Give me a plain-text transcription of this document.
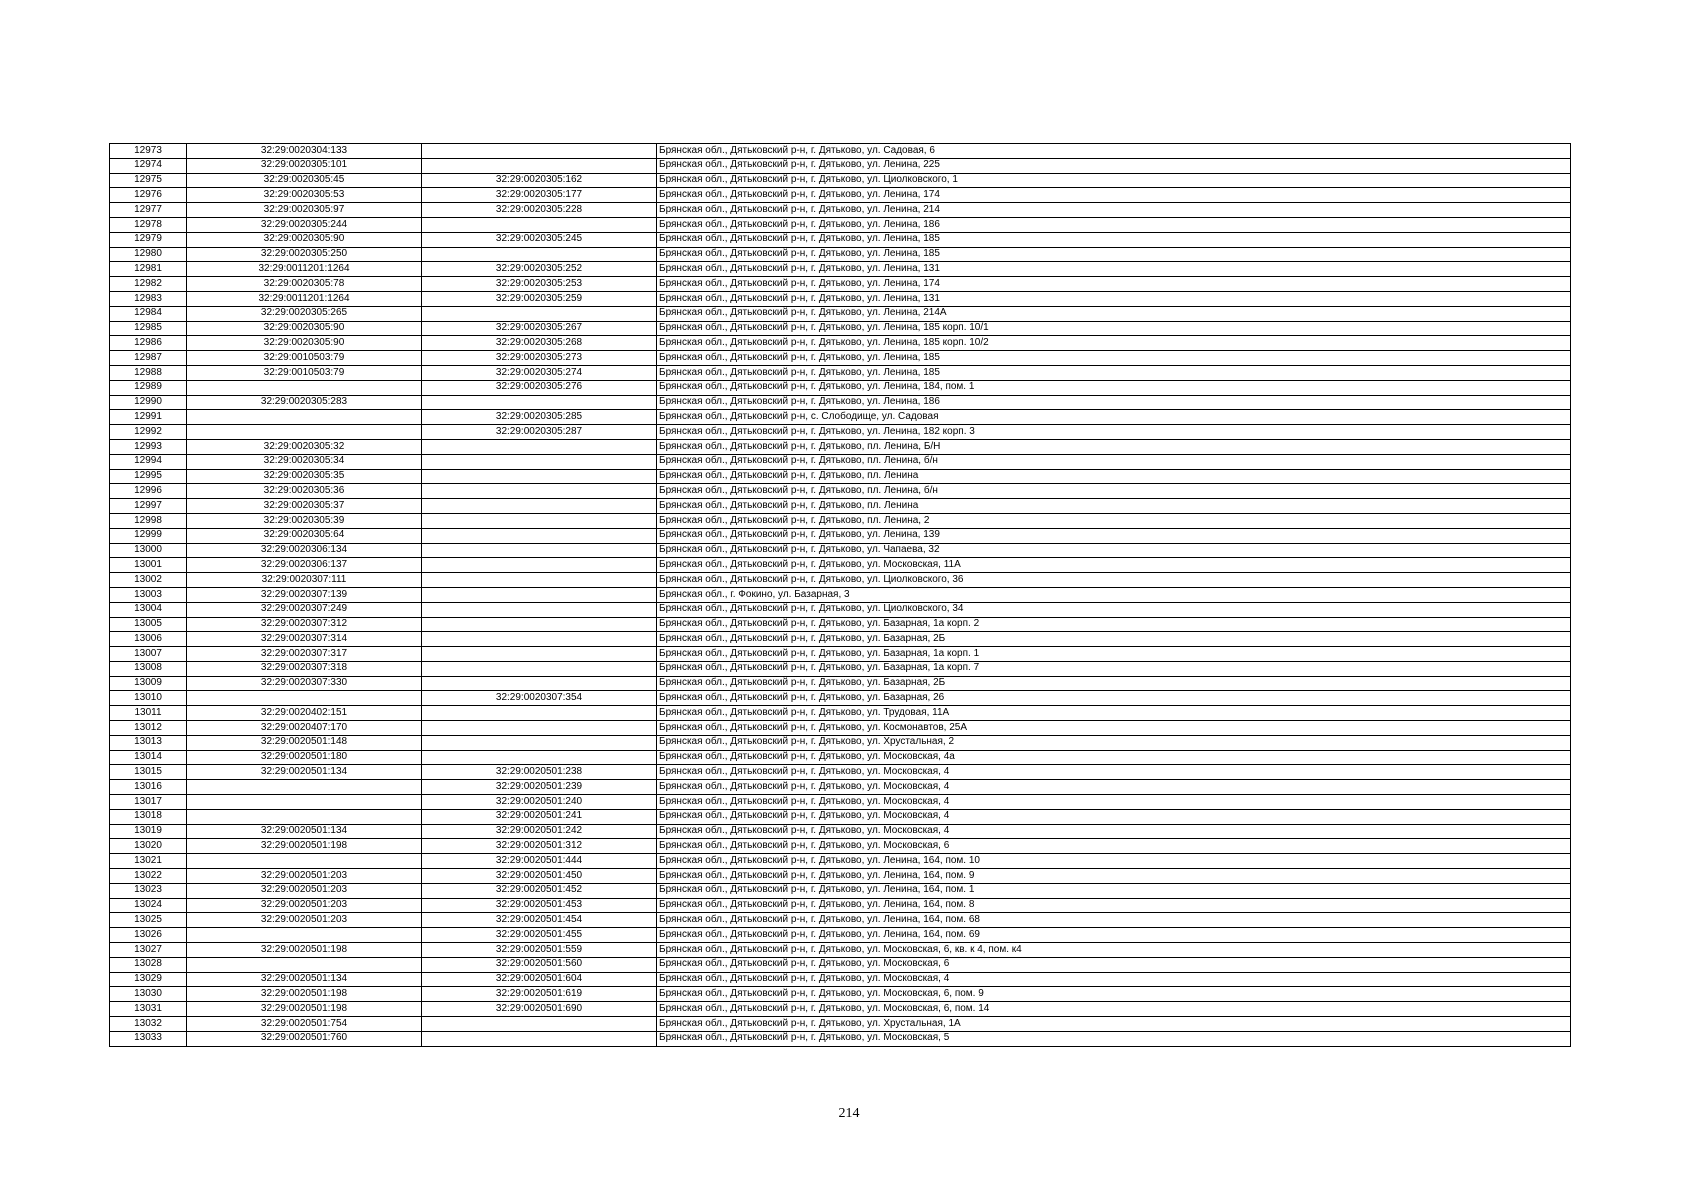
12973	32:29:0020304:133		Брянская обл., Дятьковский р-н, г. Дятьково, ул. Садовая, 6
12974	32:29:0020305:101		Брянская обл., Дятьковский р-н, г. Дятьково, ул. Ленина, 225
12975	32:29:0020305:45	32:29:0020305:162	Брянская обл., Дятьковский р-н, г. Дятьково, ул. Циолковского, 1
12976	32:29:0020305:53	32:29:0020305:177	Брянская обл., Дятьковский р-н, г. Дятьково, ул. Ленина, 174
12977	32:29:0020305:97	32:29:0020305:228	Брянская обл., Дятьковский р-н, г. Дятьково, ул. Ленина, 214
12978	32:29:0020305:244		Брянская обл., Дятьковский р-н, г. Дятьково, ул. Ленина, 186
12979	32:29:0020305:90	32:29:0020305:245	Брянская обл., Дятьковский р-н, г. Дятьково, ул. Ленина, 185
12980	32:29:0020305:250		Брянская обл., Дятьковский р-н, г. Дятьково, ул. Ленина, 185
12981	32:29:0011201:1264	32:29:0020305:252	Брянская обл., Дятьковский р-н, г. Дятьково, ул. Ленина, 131
12982	32:29:0020305:78	32:29:0020305:253	Брянская обл., Дятьковский р-н, г. Дятьково, ул. Ленина, 174
12983	32:29:0011201:1264	32:29:0020305:259	Брянская обл., Дятьковский р-н, г. Дятьково, ул. Ленина, 131
12984	32:29:0020305:265		Брянская обл., Дятьковский р-н, г. Дятьково, ул. Ленина, 214А
12985	32:29:0020305:90	32:29:0020305:267	Брянская обл., Дятьковский р-н, г. Дятьково, ул. Ленина, 185 корп. 10/1
12986	32:29:0020305:90	32:29:0020305:268	Брянская обл., Дятьковский р-н, г. Дятьково, ул. Ленина, 185 корп. 10/2
12987	32:29:0010503:79	32:29:0020305:273	Брянская обл., Дятьковский р-н, г. Дятьково, ул. Ленина, 185
12988	32:29:0010503:79	32:29:0020305:274	Брянская обл., Дятьковский р-н, г. Дятьково, ул. Ленина, 185
12989		32:29:0020305:276	Брянская обл., Дятьковский р-н, г. Дятьково, ул. Ленина, 184, пом. 1
12990	32:29:0020305:283		Брянская обл., Дятьковский р-н, г. Дятьково, ул. Ленина, 186
12991		32:29:0020305:285	Брянская обл., Дятьковский р-н, с. Слободище, ул. Садовая
12992		32:29:0020305:287	Брянская обл., Дятьковский р-н, г. Дятьково, ул. Ленина, 182 корп. 3
12993	32:29:0020305:32		Брянская обл., Дятьковский р-н, г. Дятьково, пл. Ленина, Б/Н
12994	32:29:0020305:34		Брянская обл., Дятьковский р-н, г. Дятьково, пл. Ленина, б/н
12995	32:29:0020305:35		Брянская обл., Дятьковский р-н, г. Дятьково, пл. Ленина
12996	32:29:0020305:36		Брянская обл., Дятьковский р-н, г. Дятьково, пл. Ленина, б/н
12997	32:29:0020305:37		Брянская обл., Дятьковский р-н, г. Дятьково, пл. Ленина
12998	32:29:0020305:39		Брянская обл., Дятьковский р-н, г. Дятьково, пл. Ленина, 2
12999	32:29:0020305:64		Брянская обл., Дятьковский р-н, г. Дятьково, ул. Ленина, 139
13000	32:29:0020306:134		Брянская обл., Дятьковский р-н, г. Дятьково, ул. Чапаева, 32
13001	32:29:0020306:137		Брянская обл., Дятьковский р-н, г. Дятьково, ул. Московская, 11А
13002	32:29:0020307:111		Брянская обл., Дятьковский р-н, г. Дятьково, ул. Циолковского, 36
13003	32:29:0020307:139		Брянская обл., г. Фокино, ул. Базарная, 3
13004	32:29:0020307:249		Брянская обл., Дятьковский р-н, г. Дятьково, ул. Циолковского, 34
13005	32:29:0020307:312		Брянская обл., Дятьковский р-н, г. Дятьково, ул. Базарная, 1а корп. 2
13006	32:29:0020307:314		Брянская обл., Дятьковский р-н, г. Дятьково, ул. Базарная, 2Б
13007	32:29:0020307:317		Брянская обл., Дятьковский р-н, г. Дятьково, ул. Базарная, 1а корп. 1
13008	32:29:0020307:318		Брянская обл., Дятьковский р-н, г. Дятьково, ул. Базарная, 1а корп. 7
13009	32:29:0020307:330		Брянская обл., Дятьковский р-н, г. Дятьково, ул. Базарная, 2Б
13010		32:29:0020307:354	Брянская обл., Дятьковский р-н, г. Дятьково, ул. Базарная, 26
13011	32:29:0020402:151		Брянская обл., Дятьковский р-н, г. Дятьково, ул. Трудовая, 11А
13012	32:29:0020407:170		Брянская обл., Дятьковский р-н, г. Дятьково, ул. Космонавтов, 25А
13013	32:29:0020501:148		Брянская обл., Дятьковский р-н, г. Дятьково, ул. Хрустальная, 2
13014	32:29:0020501:180		Брянская обл., Дятьковский р-н, г. Дятьково, ул. Московская, 4а
13015	32:29:0020501:134	32:29:0020501:238	Брянская обл., Дятьковский р-н, г. Дятьково, ул. Московская, 4
13016		32:29:0020501:239	Брянская обл., Дятьковский р-н, г. Дятьково, ул. Московская, 4
13017		32:29:0020501:240	Брянская обл., Дятьковский р-н, г. Дятьково, ул. Московская, 4
13018		32:29:0020501:241	Брянская обл., Дятьковский р-н, г. Дятьково, ул. Московская, 4
13019	32:29:0020501:134	32:29:0020501:242	Брянская обл., Дятьковский р-н, г. Дятьково, ул. Московская, 4
13020	32:29:0020501:198	32:29:0020501:312	Брянская обл., Дятьковский р-н, г. Дятьково, ул. Московская, 6
13021		32:29:0020501:444	Брянская обл., Дятьковский р-н, г. Дятьково, ул. Ленина, 164, пом. 10
13022	32:29:0020501:203	32:29:0020501:450	Брянская обл., Дятьковский р-н, г. Дятьково, ул. Ленина, 164, пом. 9
13023	32:29:0020501:203	32:29:0020501:452	Брянская обл., Дятьковский р-н, г. Дятьково, ул. Ленина, 164, пом. 1
13024	32:29:0020501:203	32:29:0020501:453	Брянская обл., Дятьковский р-н, г. Дятьково, ул. Ленина, 164, пом. 8
13025	32:29:0020501:203	32:29:0020501:454	Брянская обл., Дятьковский р-н, г. Дятьково, ул. Ленина, 164, пом. 68
13026		32:29:0020501:455	Брянская обл., Дятьковский р-н, г. Дятьково, ул. Ленина, 164, пом. 69
13027	32:29:0020501:198	32:29:0020501:559	Брянская обл., Дятьковский р-н, г. Дятьково, ул. Московская, 6, кв. к 4, пом. к4
13028		32:29:0020501:560	Брянская обл., Дятьковский р-н, г. Дятьково, ул. Московская, 6
13029	32:29:0020501:134	32:29:0020501:604	Брянская обл., Дятьковский р-н, г. Дятьково, ул. Московская, 4
13030	32:29:0020501:198	32:29:0020501:619	Брянская обл., Дятьковский р-н, г. Дятьково, ул. Московская, 6, пом. 9
13031	32:29:0020501:198	32:29:0020501:690	Брянская обл., Дятьковский р-н, г. Дятьково, ул. Московская, 6, пом. 14
13032	32:29:0020501:754		Брянская обл., Дятьковский р-н, г. Дятьково, ул. Хрустальная, 1А
13033	32:29:0020501:760		Брянская обл., Дятьковский р-н, г. Дятьково, ул. Московская, 5
214
